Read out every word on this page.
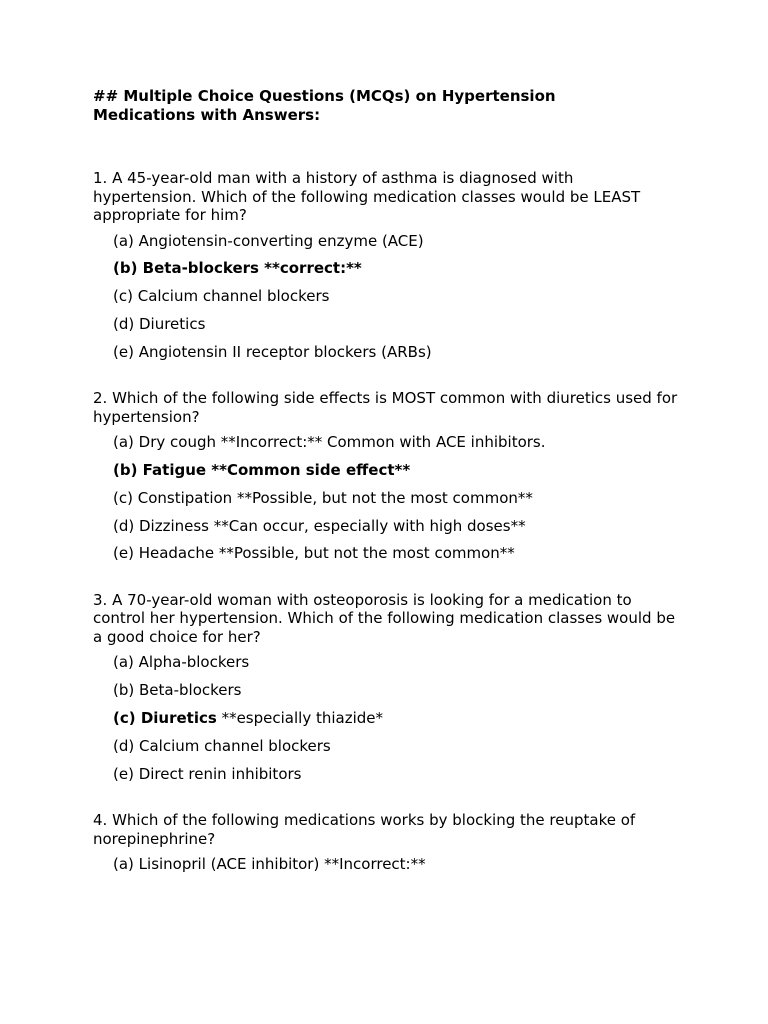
## Multiple Choice Questions (MCQs) on Hypertension Medications with Answers:

1. A 45-year-old man with a history of asthma is diagnosed with hypertension. Which of the following medication classes would be LEAST appropriate for him?

(a) Angiotensin-converting enzyme (ACE)
(b) Beta-blockers **correct:**
(c) Calcium channel blockers
(d) Diuretics
(e) Angiotensin II receptor blockers (ARBs)

2. Which of the following side effects is MOST common with diuretics used for hypertension?

(a) Dry cough **Incorrect:** Common with ACE inhibitors.
(b) Fatigue **Common side effect**
(c) Constipation **Possible, but not the most common**
(d) Dizziness **Can occur, especially with high doses**
(e) Headache **Possible, but not the most common**

3. A 70-year-old woman with osteoporosis is looking for a medication to control her hypertension. Which of the following medication classes would be a good choice for her?

(a) Alpha-blockers
(b) Beta-blockers
(c) Diuretics **especially thiazide*
(d) Calcium channel blockers
(e) Direct renin inhibitors

4. Which of the following medications works by blocking the reuptake of norepinephrine?

(a) Lisinopril (ACE inhibitor) **Incorrect:**
